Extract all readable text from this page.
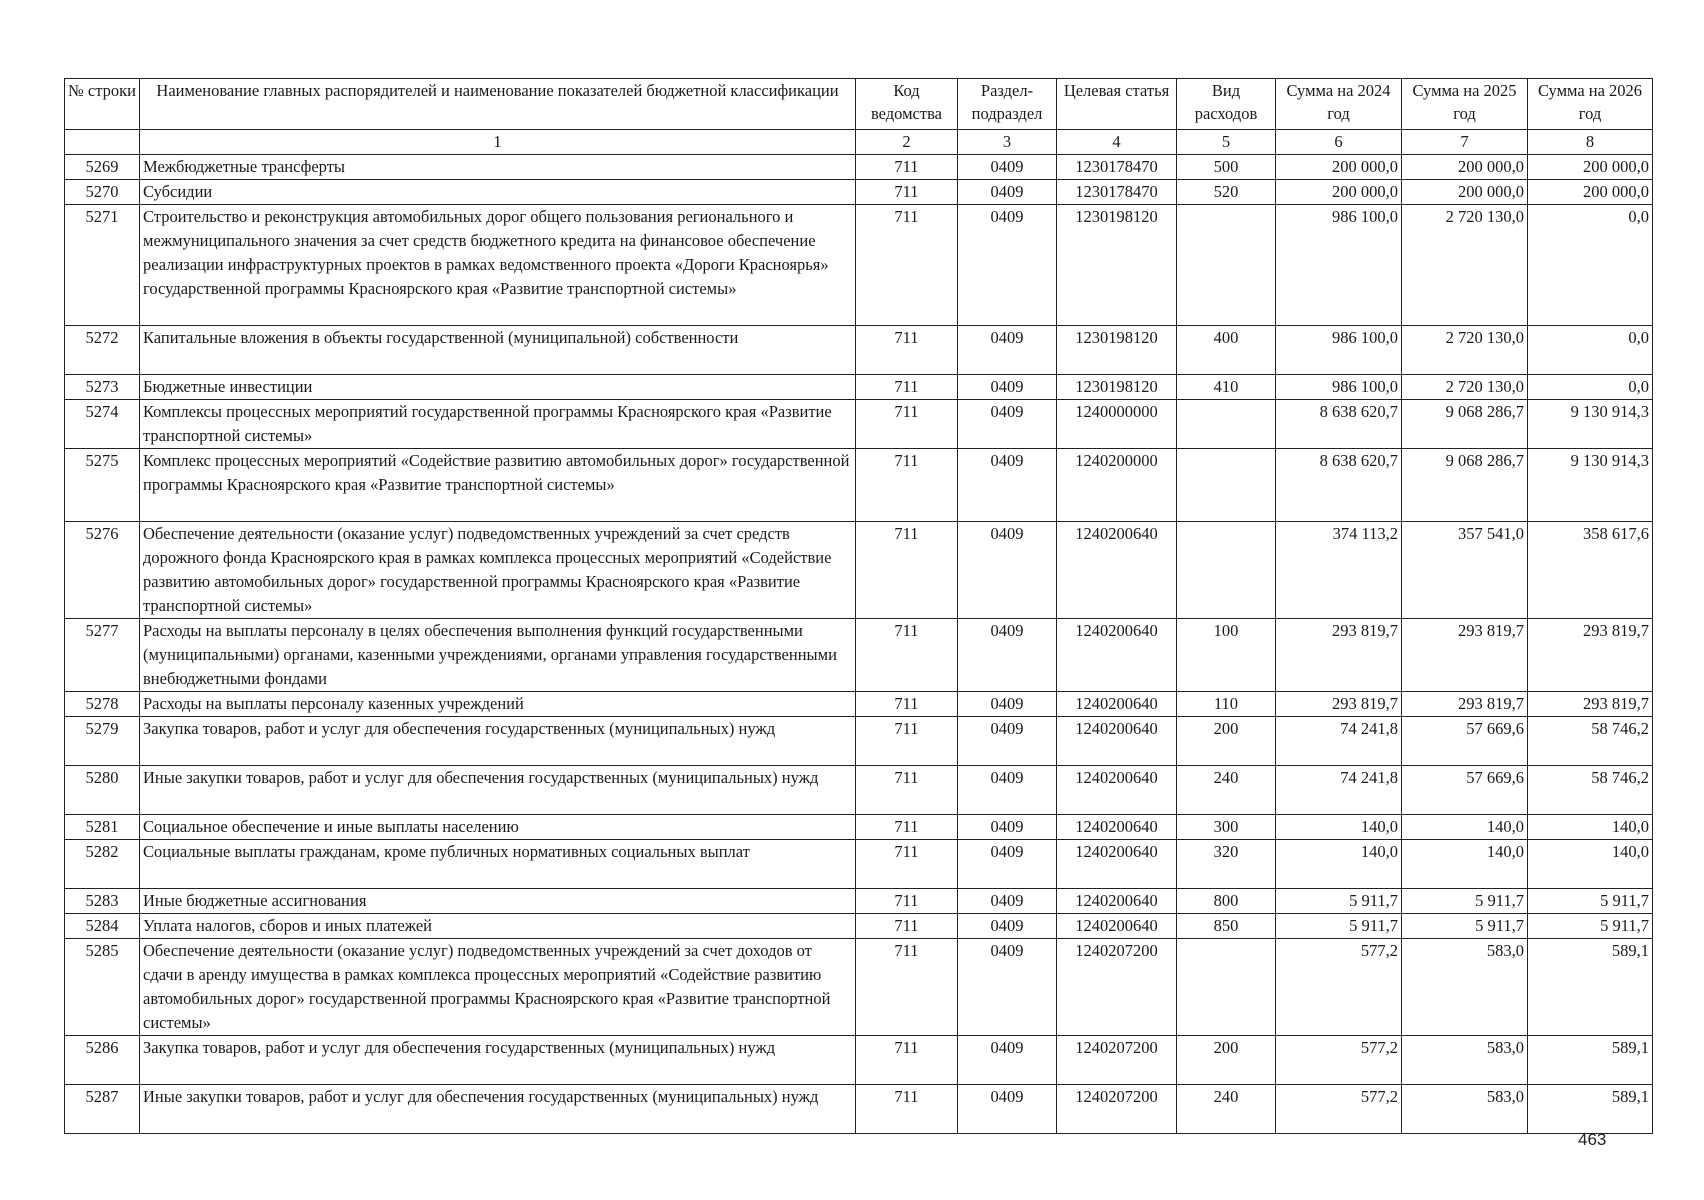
№ строки	Наименование главных распорядителей и наименование показателей бюджетной классификации	Код ведомства	Раздел-подраздел	Целевая статья	Вид расходов	Сумма на 2024 год	Сумма на 2025 год	Сумма на 2026 год
	1	2	3	4	5	6	7	8
5269	Межбюджетные трансферты	711	0409	1230178470	500	200 000,0	200 000,0	200 000,0
5270	Субсидии	711	0409	1230178470	520	200 000,0	200 000,0	200 000,0
5271	Строительство и реконструкция автомобильных дорог общего пользования регионального и межмуниципального значения за счет средств бюджетного кредита на финансовое обеспечение реализации инфраструктурных проектов в рамках ведомственного проекта «Дороги Красноярья» государственной программы Красноярского края «Развитие транспортной системы»	711	0409	1230198120		986 100,0	2 720 130,0	0,0
5272	Капитальные вложения в объекты государственной (муниципальной) собственности	711	0409	1230198120	400	986 100,0	2 720 130,0	0,0
5273	Бюджетные инвестиции	711	0409	1230198120	410	986 100,0	2 720 130,0	0,0
5274	Комплексы процессных мероприятий государственной программы Красноярского края «Развитие транспортной системы»	711	0409	1240000000		8 638 620,7	9 068 286,7	9 130 914,3
5275	Комплекс процессных мероприятий «Содействие развитию автомобильных дорог» государственной программы Красноярского края «Развитие транспортной системы»	711	0409	1240200000		8 638 620,7	9 068 286,7	9 130 914,3
5276	Обеспечение деятельности (оказание услуг) подведомственных учреждений за счет средств дорожного фонда Красноярского края в рамках комплекса процессных мероприятий «Содействие развитию автомобильных дорог» государственной программы Красноярского края «Развитие транспортной системы»	711	0409	1240200640		374 113,2	357 541,0	358 617,6
5277	Расходы на выплаты персоналу в целях обеспечения выполнения функций государственными (муниципальными) органами, казенными учреждениями, органами управления государственными внебюджетными фондами	711	0409	1240200640	100	293 819,7	293 819,7	293 819,7
5278	Расходы на выплаты персоналу казенных учреждений	711	0409	1240200640	110	293 819,7	293 819,7	293 819,7
5279	Закупка товаров, работ и услуг для обеспечения государственных (муниципальных) нужд	711	0409	1240200640	200	74 241,8	57 669,6	58 746,2
5280	Иные закупки товаров, работ и услуг для обеспечения государственных (муниципальных) нужд	711	0409	1240200640	240	74 241,8	57 669,6	58 746,2
5281	Социальное обеспечение и иные выплаты населению	711	0409	1240200640	300	140,0	140,0	140,0
5282	Социальные выплаты гражданам, кроме публичных нормативных социальных выплат	711	0409	1240200640	320	140,0	140,0	140,0
5283	Иные бюджетные ассигнования	711	0409	1240200640	800	5 911,7	5 911,7	5 911,7
5284	Уплата налогов, сборов и иных платежей	711	0409	1240200640	850	5 911,7	5 911,7	5 911,7
5285	Обеспечение деятельности (оказание услуг) подведомственных учреждений за счет доходов от сдачи в аренду имущества в рамках комплекса процессных мероприятий «Содействие развитию автомобильных дорог» государственной программы Красноярского края «Развитие транспортной системы»	711	0409	1240207200		577,2	583,0	589,1
5286	Закупка товаров, работ и услуг для обеспечения государственных (муниципальных) нужд	711	0409	1240207200	200	577,2	583,0	589,1
5287	Иные закупки товаров, работ и услуг для обеспечения государственных (муниципальных) нужд	711	0409	1240207200	240	577,2	583,0	589,1
463
